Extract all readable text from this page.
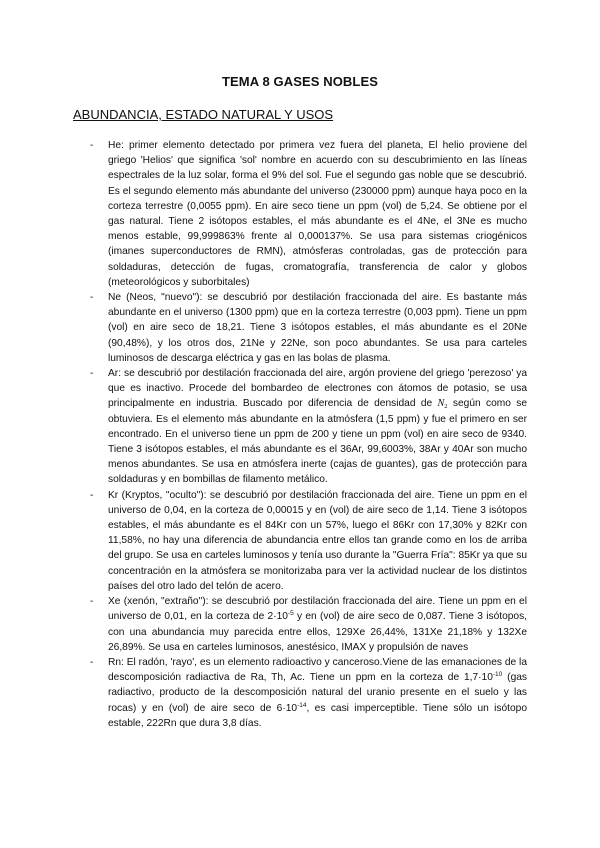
TEMA 8 GASES NOBLES
ABUNDANCIA, ESTADO NATURAL Y USOS
- He: primer elemento detectado por primera vez fuera del planeta, El helio proviene del griego 'Helios' que significa 'sol' nombre en acuerdo con su descubrimiento en las líneas espectrales de la luz solar, forma el 9% del sol. Fue el segundo gas noble que se descubrió. Es el segundo elemento más abundante del universo (230000 ppm) aunque haya poco en la corteza terrestre (0,0055 ppm). En aire seco tiene un ppm (vol) de 5,24. Se obtiene por el gas natural. Tiene 2 isótopos estables, el más abundante es el 4Ne, el 3Ne es mucho menos estable, 99,999863% frente al 0,000137%. Se usa para sistemas criogénicos (imanes superconductores de RMN), atmósferas controladas, gas de protección para soldaduras, detección de fugas, cromatografía, transferencia de calor y globos (meteorológicos y suborbitales)
- Ne (Neos, "nuevo"): se descubrió por destilación fraccionada del aire. Es bastante más abundante en el universo (1300 ppm) que en la corteza terrestre (0,003 ppm). Tiene un ppm (vol) en aire seco de 18,21. Tiene 3 isótopos estables, el más abundante es el 20Ne (90,48%), y los otros dos, 21Ne y 22Ne, son poco abundantes. Se usa para carteles luminosos de descarga eléctrica y gas en las bolas de plasma.
- Ar: se descubrió por destilación fraccionada del aire, argón proviene del griego 'perezoso' ya que es inactivo. Procede del bombardeo de electrones con átomos de potasio, se usa principalmente en industria. Buscado por diferencia de densidad de $N_2$ según como se obtuviera. Es el elemento más abundante en la atmósfera (1,5 ppm) y fue el primero en ser encontrado. En el universo tiene un ppm de 200 y tiene un ppm (vol) en aire seco de 9340. Tiene 3 isótopos estables, el más abundante es el 36Ar, 99,6003%, 38Ar y 40Ar son mucho menos abundantes. Se usa en atmósfera inerte (cajas de guantes), gas de protección para soldaduras y en bombillas de filamento metálico.
- Kr (Kryptos, "oculto"): se descubrió por destilación fraccionada del aire. Tiene un ppm en el universo de 0,04, en la corteza de 0,00015 y en (vol) de aire seco de 1,14. Tiene 3 isótopos estables, el más abundante es el 84Kr con un 57%, luego el 86Kr con 17,30% y 82Kr con 11,58%, no hay una diferencia de abundancia entre ellos tan grande como en los de arriba del grupo. Se usa en carteles luminosos y tenía uso durante la "Guerra Fría": 85Kr ya que su concentración en la atmósfera se monitorizaba para ver la actividad nuclear de los distintos países del otro lado del telón de acero.
- Xe (xenón, "extraño"): se descubrió por destilación fraccionada del aire. Tiene un ppm en el universo de 0,01, en la corteza de $2\cdot 10^{-5}$ y en (vol) de aire seco de 0,087. Tiene 3 isótopos, con una abundancia muy parecida entre ellos, 129Xe 26,44%, 131Xe 21,18% y 132Xe 26,89%. Se usa en carteles luminosos, anestésico, IMAX y propulsión de naves
- Rn: El radón, 'rayo', es un elemento radioactivo y canceroso.Viene de las emanaciones de la descomposición radiactiva de Ra, Th, Ac. Tiene un ppm en la corteza de $1,7\cdot 10^{-10}$ (gas radiactivo, producto de la descomposición natural del uranio presente en el suelo y las rocas) y en (vol) de aire seco de $6\cdot 10^{-14}$, es casi imperceptible. Tiene sólo un isótopo estable, 222Rn que dura 3,8 días.
